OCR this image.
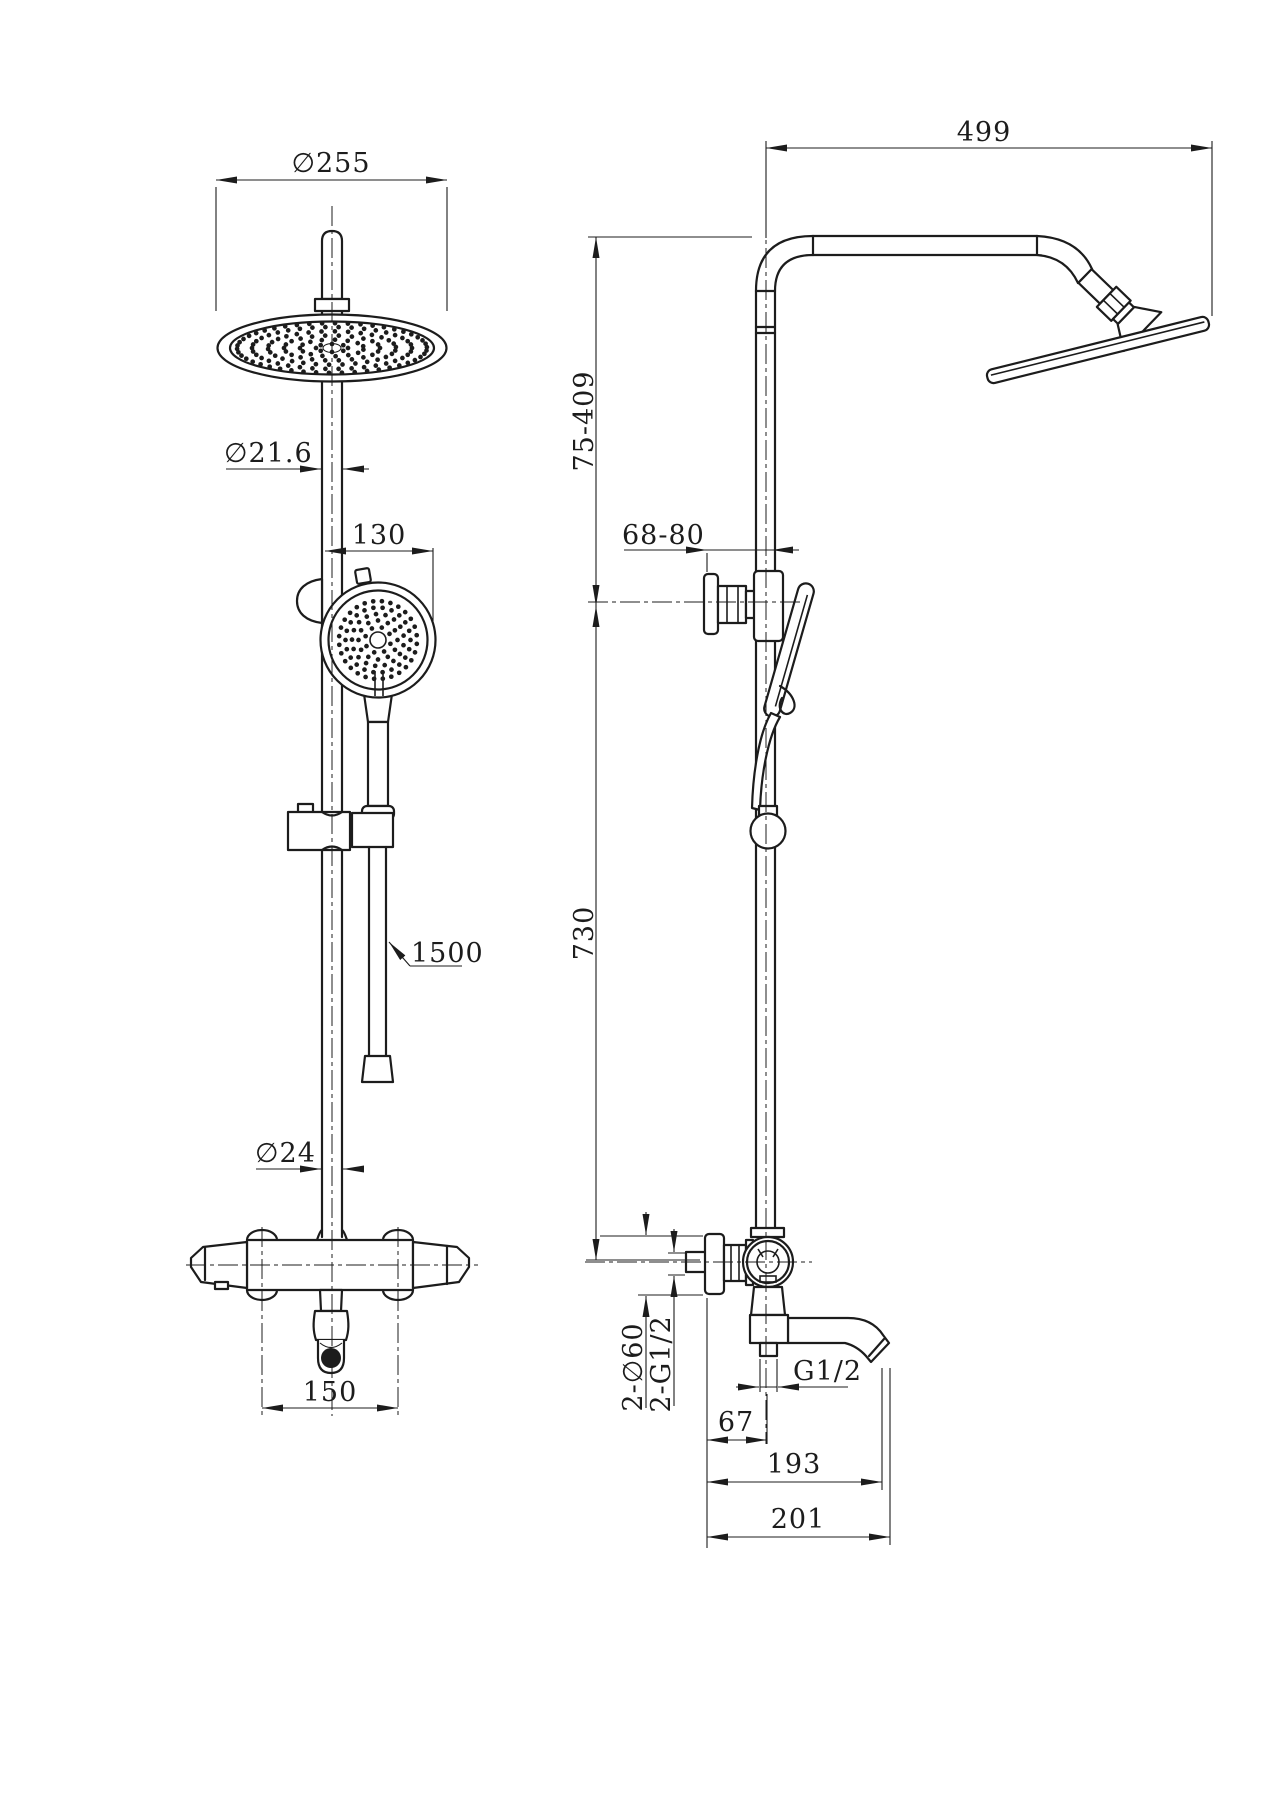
∅255
∅21.6
130
1500
∅24
150
499
75-409
68-80
730
2-∅60
2-G1/2	G1/2
67
193
201
